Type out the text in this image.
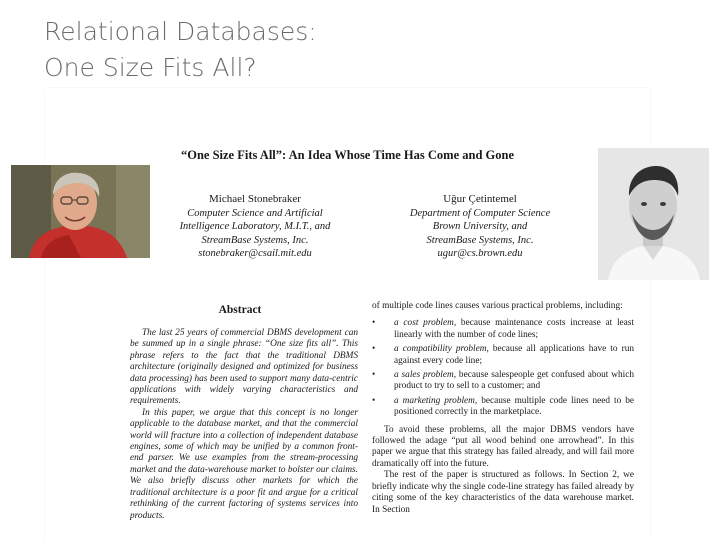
Relational Databases:
One Size Fits All?
“One Size Fits All”: An Idea Whose Time Has Come and Gone
Michael Stonebraker
Computer Science and Artificial
Intelligence Laboratory, M.I.T., and
StreamBase Systems, Inc.
stonebraker@csail.mit.edu
Uğur Çetintemel
Department of Computer Science
Brown University, and
StreamBase Systems, Inc.
ugur@cs.brown.edu
Abstract

The last 25 years of commercial DBMS development can be summed up in a single phrase: “One size fits all”. This phrase refers to the fact that the traditional DBMS architecture (originally designed and optimized for business data processing) has been used to support many data-centric applications with widely varying characteristics and requirements.

In this paper, we argue that this concept is no longer applicable to the database market, and that the commercial world will fracture into a collection of independent database engines, some of which may be unified by a common front-end parser. We use examples from the stream-processing market and the data-warehouse market to bolster our claims. We also briefly discuss other markets for which the traditional architecture is a poor fit and argue for a critical rethinking of the current factoring of systems services into products.

of multiple code lines causes various practical problems, including:

• a cost problem, because maintenance costs increase at least linearly with the number of code lines;
• a compatibility problem, because all applications have to run against every code line;
• a sales problem, because salespeople get confused about which product to try to sell to a customer; and
• a marketing problem, because multiple code lines need to be positioned correctly in the marketplace.

To avoid these problems, all the major DBMS vendors have followed the adage “put all wood behind one arrowhead”. In this paper we argue that this strategy has failed already, and will fail more dramatically off into the future.

The rest of the paper is structured as follows. In Section 2, we briefly indicate why the single code-line strategy has failed already by citing some of the key characteristics of the data warehouse market. In Section
